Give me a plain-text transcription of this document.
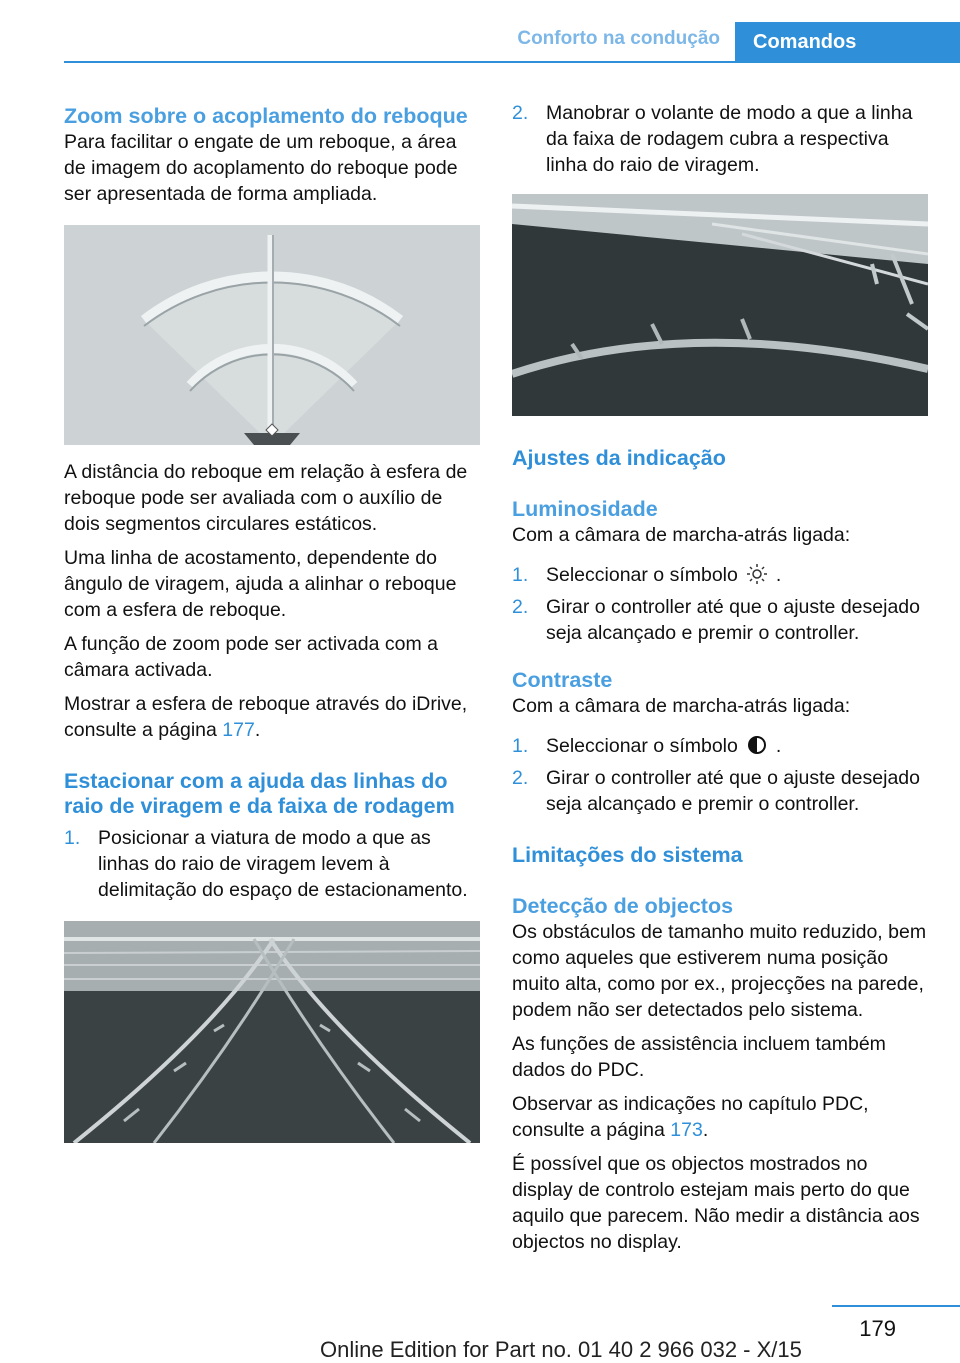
Conforto na condução	Comandos
Zoom sobre o acoplamento do reboque

Para facilitar o engate de um reboque, a área de imagem do acoplamento do reboque pode ser apresentada de forma ampliada.

A distância do reboque em relação à esfera de reboque pode ser avaliada com o auxílio de dois segmentos circulares estáticos.

Uma linha de acostamento, dependente do ângulo de viragem, ajuda a alinhar o reboque com a esfera de reboque.

A função de zoom pode ser activada com a câmara activada.

Mostrar a esfera de reboque através do iDrive, consulte a página 177.

Estacionar com a ajuda das linhas do raio de viragem e da faixa de rodagem
1. Posicionar a viatura de modo a que as linhas do raio de viragem levem à delimitação do espaço de estacionamento.
2. Manobrar o volante de modo a que a linha da faixa de rodagem cubra a respectiva linha do raio de viragem.
Ajustes da indicação
Luminosidade

Com a câmara de marcha-atrás ligada:

1. Seleccionar o símbolo .
2. Girar o controller até que o ajuste desejado seja alcançado e premir o controller.
Contraste

Com a câmara de marcha-atrás ligada:

1. Seleccionar o símbolo .
2. Girar o controller até que o ajuste desejado seja alcançado e premir o controller.
Limitações do sistema
Detecção de objectos

Os obstáculos de tamanho muito reduzido, bem como aqueles que estiverem numa posição muito alta, como por ex., projecções na parede, podem não ser detectados pelo sistema.

As funções de assistência incluem também dados do PDC.

Observar as indicações no capítulo PDC, consulte a página 173.

É possível que os objectos mostrados no display de controlo estejam mais perto do que aquilo que parecem. Não medir a distância aos objectos no display.

179
Online Edition for Part no. 01 40 2 966 032 - X/15
